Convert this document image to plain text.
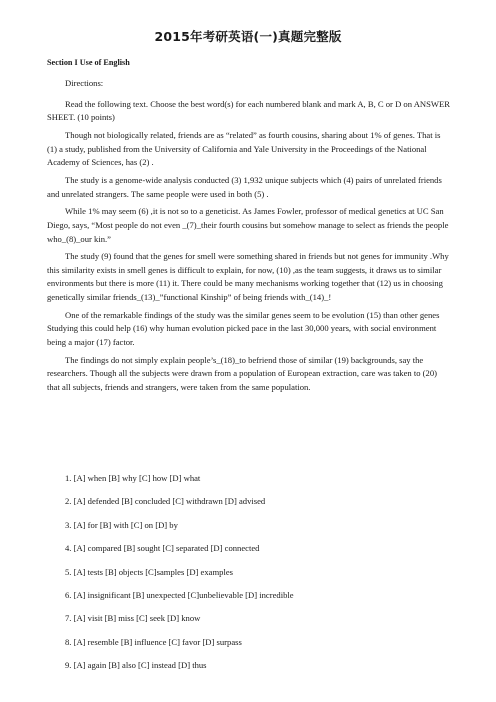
2015年考研英语(一)真题完整版
Section I Use of English

Directions:

Read the following text. Choose the best word(s) for each numbered blank and mark A, B, C or D on ANSWER SHEET. (10 points)

Though not biologically related, friends are as “related” as fourth cousins, sharing about 1% of genes. That is (1) a study, published from the University of California and Yale University in the Proceedings of the National Academy of Sciences, has (2) .

The study is a genome-wide analysis conducted (3) 1,932 unique subjects which (4) pairs of unrelated friends and unrelated strangers. The same people were used in both (5) .

While 1% may seem (6) ,it is not so to a geneticist. As James Fowler, professor of medical genetics at UC San Diego, says, “Most people do not even _(7)_their fourth cousins but somehow manage to select as friends the people who_(8)_our kin.”

The study (9) found that the genes for smell were something shared in friends but not genes for immunity .Why this similarity exists in smell genes is difficult to explain, for now, (10) ,as the team suggests, it draws us to similar environments but there is more (11) it. There could be many mechanisms working together that (12) us in choosing genetically similar friends_(13)_”functional Kinship” of being friends with_(14)_!

One of the remarkable findings of the study was the similar genes seem to be evolution (15) than other genes Studying this could help (16) why human evolution picked pace in the last 30,000 years, with social environment being a major (17) factor.

The findings do not simply explain people’s_(18)_to befriend those of similar (19) backgrounds, say the researchers. Though all the subjects were drawn from a population of European extraction, care was taken to (20) that all subjects, friends and strangers, were taken from the same population.

1. [A] when [B] why [C] how [D] what
2. [A] defended [B] concluded [C] withdrawn [D] advised
3. [A] for [B] with [C] on [D] by
4. [A] compared [B] sought [C] separated [D] connected
5. [A] tests [B] objects [C]samples [D] examples
6. [A] insignificant [B] unexpected [C]unbelievable [D] incredible
7. [A] visit [B] miss [C] seek [D] know
8. [A] resemble [B] influence [C] favor [D] surpass
9. [A] again [B] also [C] instead [D] thus
